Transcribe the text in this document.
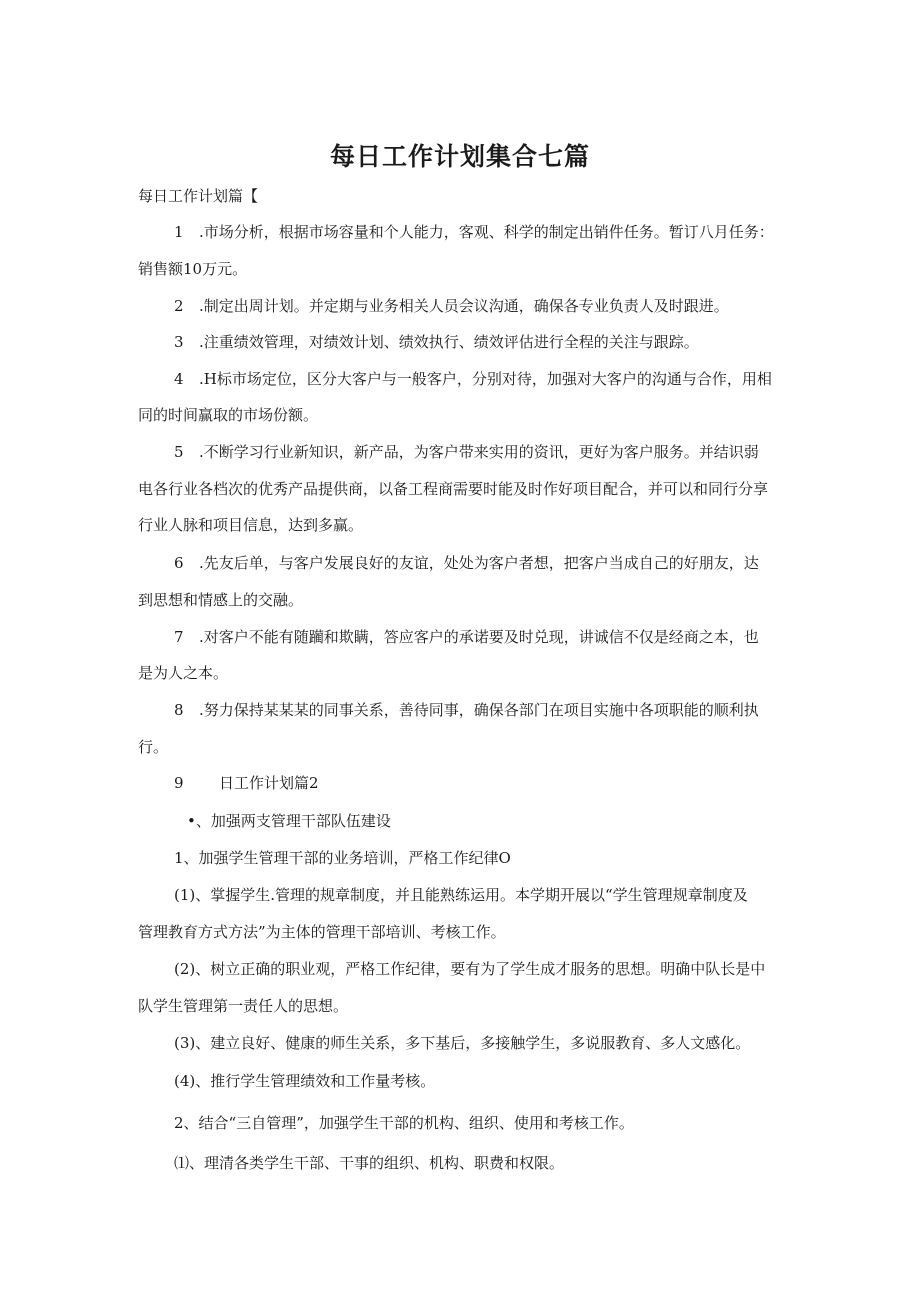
每日工作计划集合七篇
每日工作计划篇【
1 .市场分析，根据市场容量和个人能力，客观、科学的制定出销件任务。暂订八月任务：
销售额10万元。
2 .制定出周计划。并定期与业务相关人员会议沟通，确保各专业负责人及时跟进。
3 .注重绩效管理，对绩效计划、绩效执行、绩效评估进行全程的关注与跟踪。
4 .H标市场定位，区分大客户与一般客户，分别对待，加强对大客户的沟通与合作，用相
同的时间赢取的市场份额。
5 .不断学习行业新知识，新产品，为客户带来实用的资讯，更好为客户服务。并结识弱
电各行业各档次的优秀产品提供商，以备工程商需要时能及时作好项目配合，并可以和同行分享
行业人脉和项目信息，达到多赢。
6 .先友后单，与客户发展良好的友谊，处处为客户者想，把客户当成自己的好朋友，达
到思想和情感上的交融。
7 .对客户不能有随躏和欺瞒，答应客户的承诺要及时兑现，讲诚信不仅是经商之本，也
是为人之本。
8 .努力保持某某某的同事关系，善待同事，确保各部门在项目实施中各项职能的顺利执
行。
9 日工作计划篇2
•、加强两支管理干部队伍建设
1、加强学生管理干部的业务培训，严格工作纪律O
(1)、掌握学生.管理的规章制度，并且能熟练运用。本学期开展以“学生管理规章制度及
管理教育方式方法”为主体的管理干部培训、考核工作。
(2)、树立正确的职业观，严格工作纪律，要有为了学生成才服务的思想。明确中队长是中
队学生管理第一责任人的思想。
(3)、建立良好、健康的师生关系，多下基后，多接触学生，多说服教育、多人文感化。
(4)、推行学生管理绩效和工作量考核。
2、结合“三自管理”，加强学生干部的机构、组织、使用和考核工作。
⑴、理清各类学生干部、干事的组织、机构、职费和权限。
